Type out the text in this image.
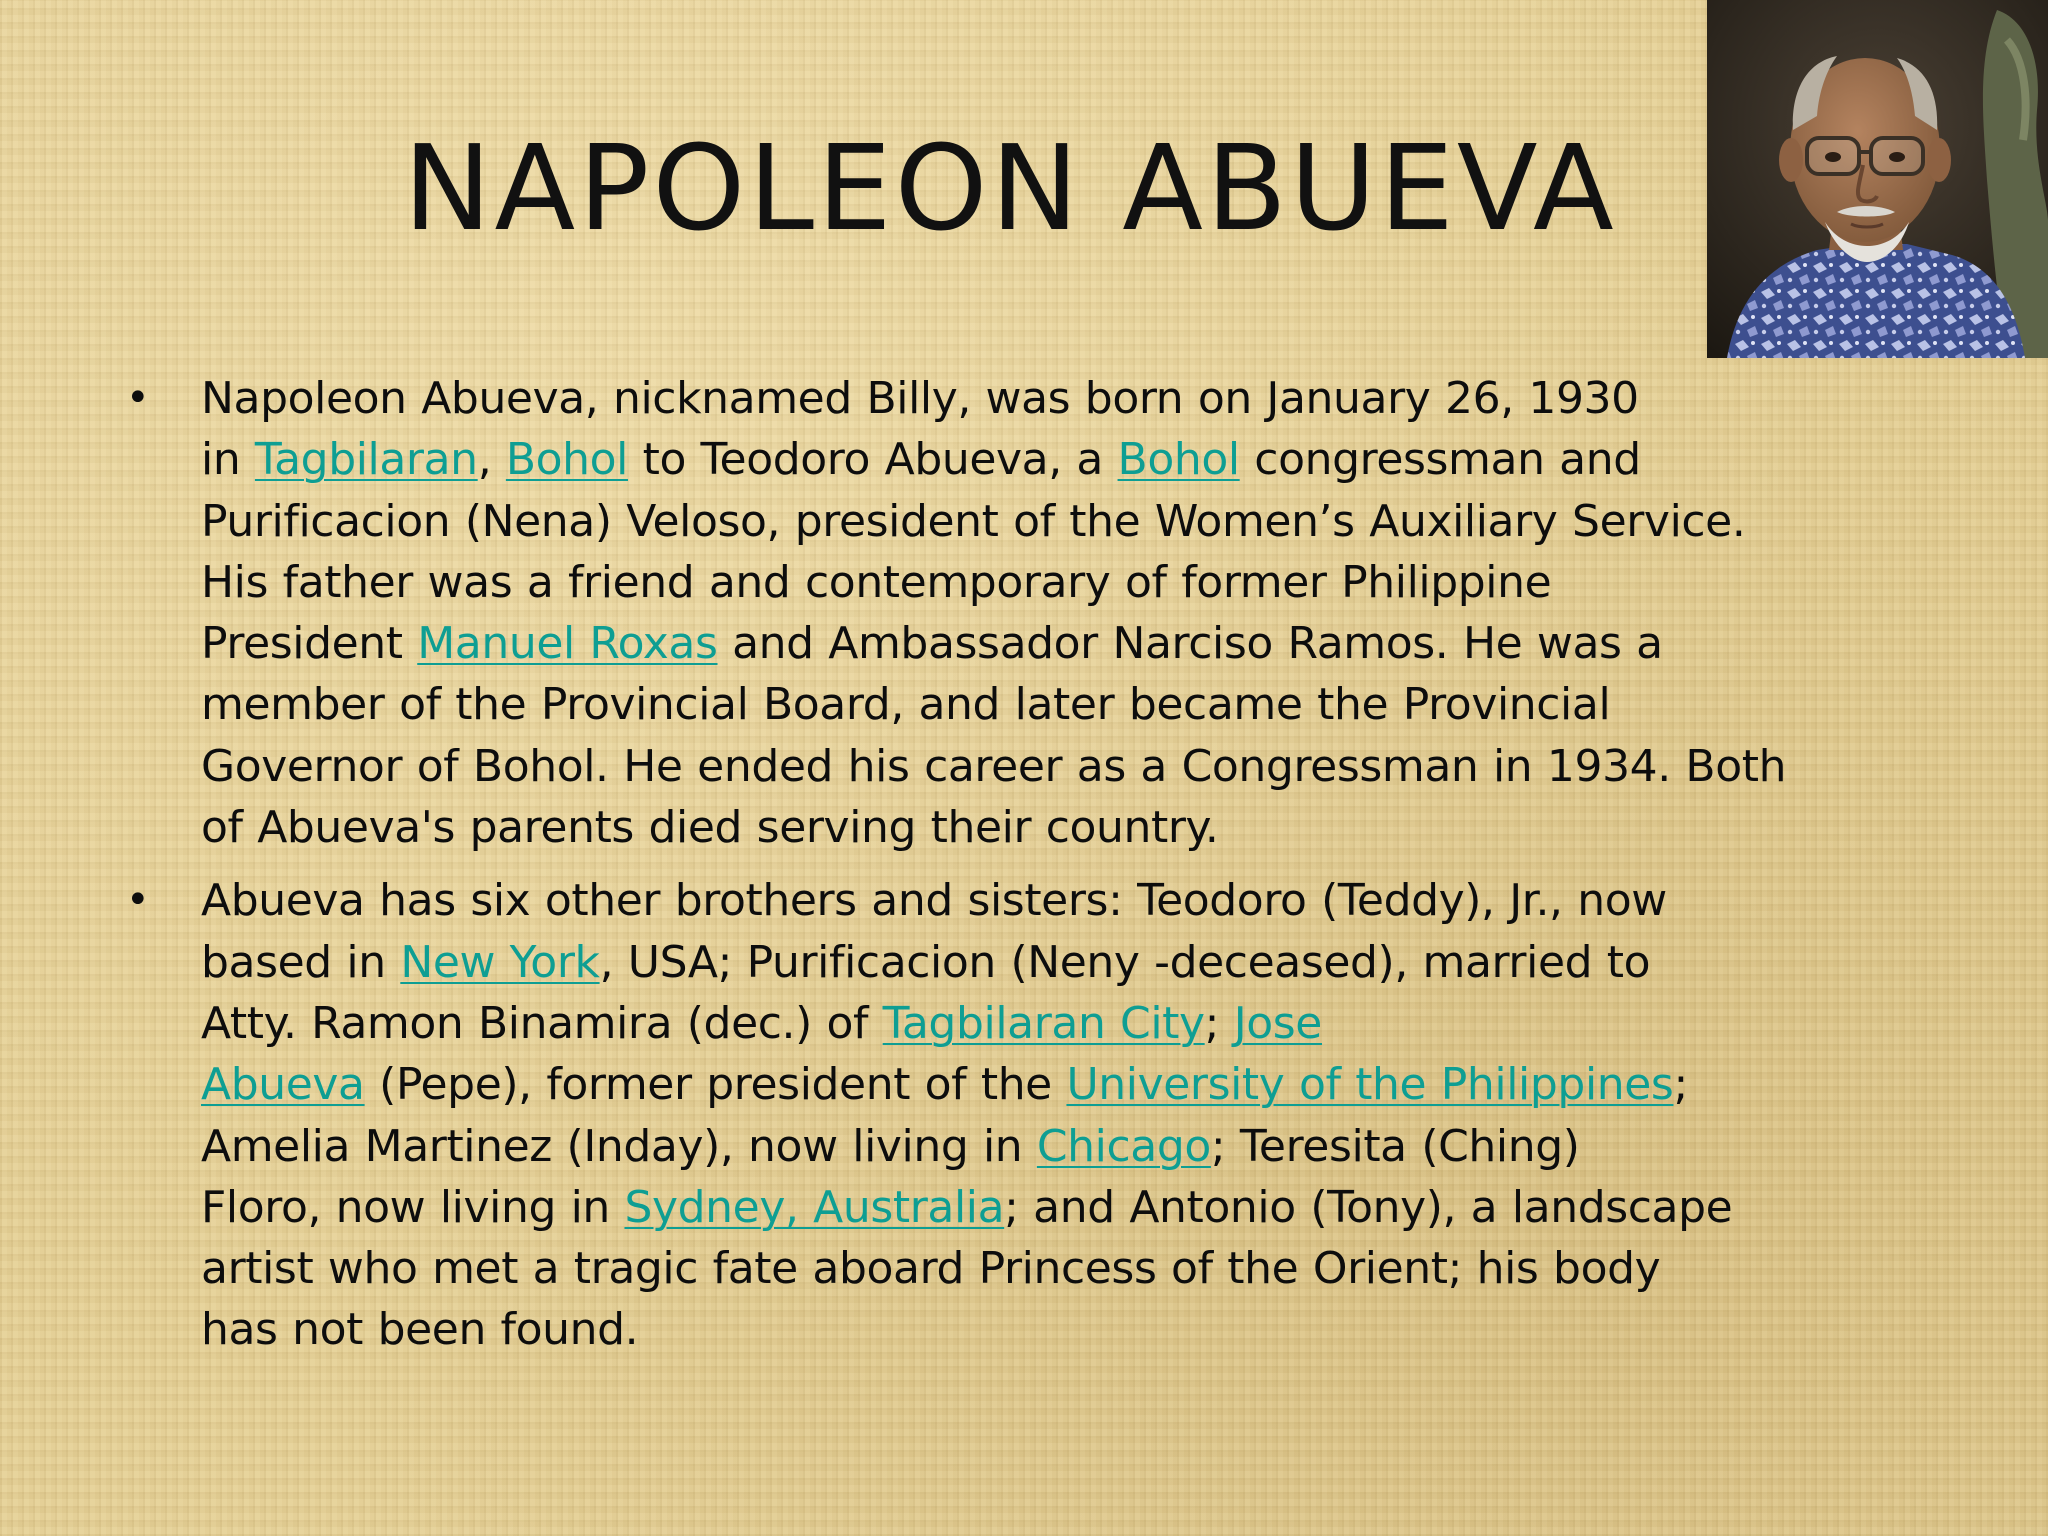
NAPOLEON ABUEVA
• Napoleon Abueva, nicknamed Billy, was born on January 26, 1930
in Tagbilaran, Bohol to Teodoro Abueva, a Bohol congressman and
Purificacion (Nena) Veloso, president of the Women’s Auxiliary Service.
His father was a friend and contemporary of former Philippine
President Manuel Roxas and Ambassador Narciso Ramos. He was a
member of the Provincial Board, and later became the Provincial
Governor of Bohol. He ended his career as a Congressman in 1934. Both
of Abueva's parents died serving their country.
• Abueva has six other brothers and sisters: Teodoro (Teddy), Jr., now
based in New York, USA; Purificacion (Neny -deceased), married to
Atty. Ramon Binamira (dec.) of Tagbilaran City; Jose
Abueva (Pepe), former president of the University of the Philippines;
Amelia Martinez (Inday), now living in Chicago; Teresita (Ching)
Floro, now living in Sydney, Australia; and Antonio (Tony), a landscape
artist who met a tragic fate aboard Princess of the Orient; his body
has not been found.
